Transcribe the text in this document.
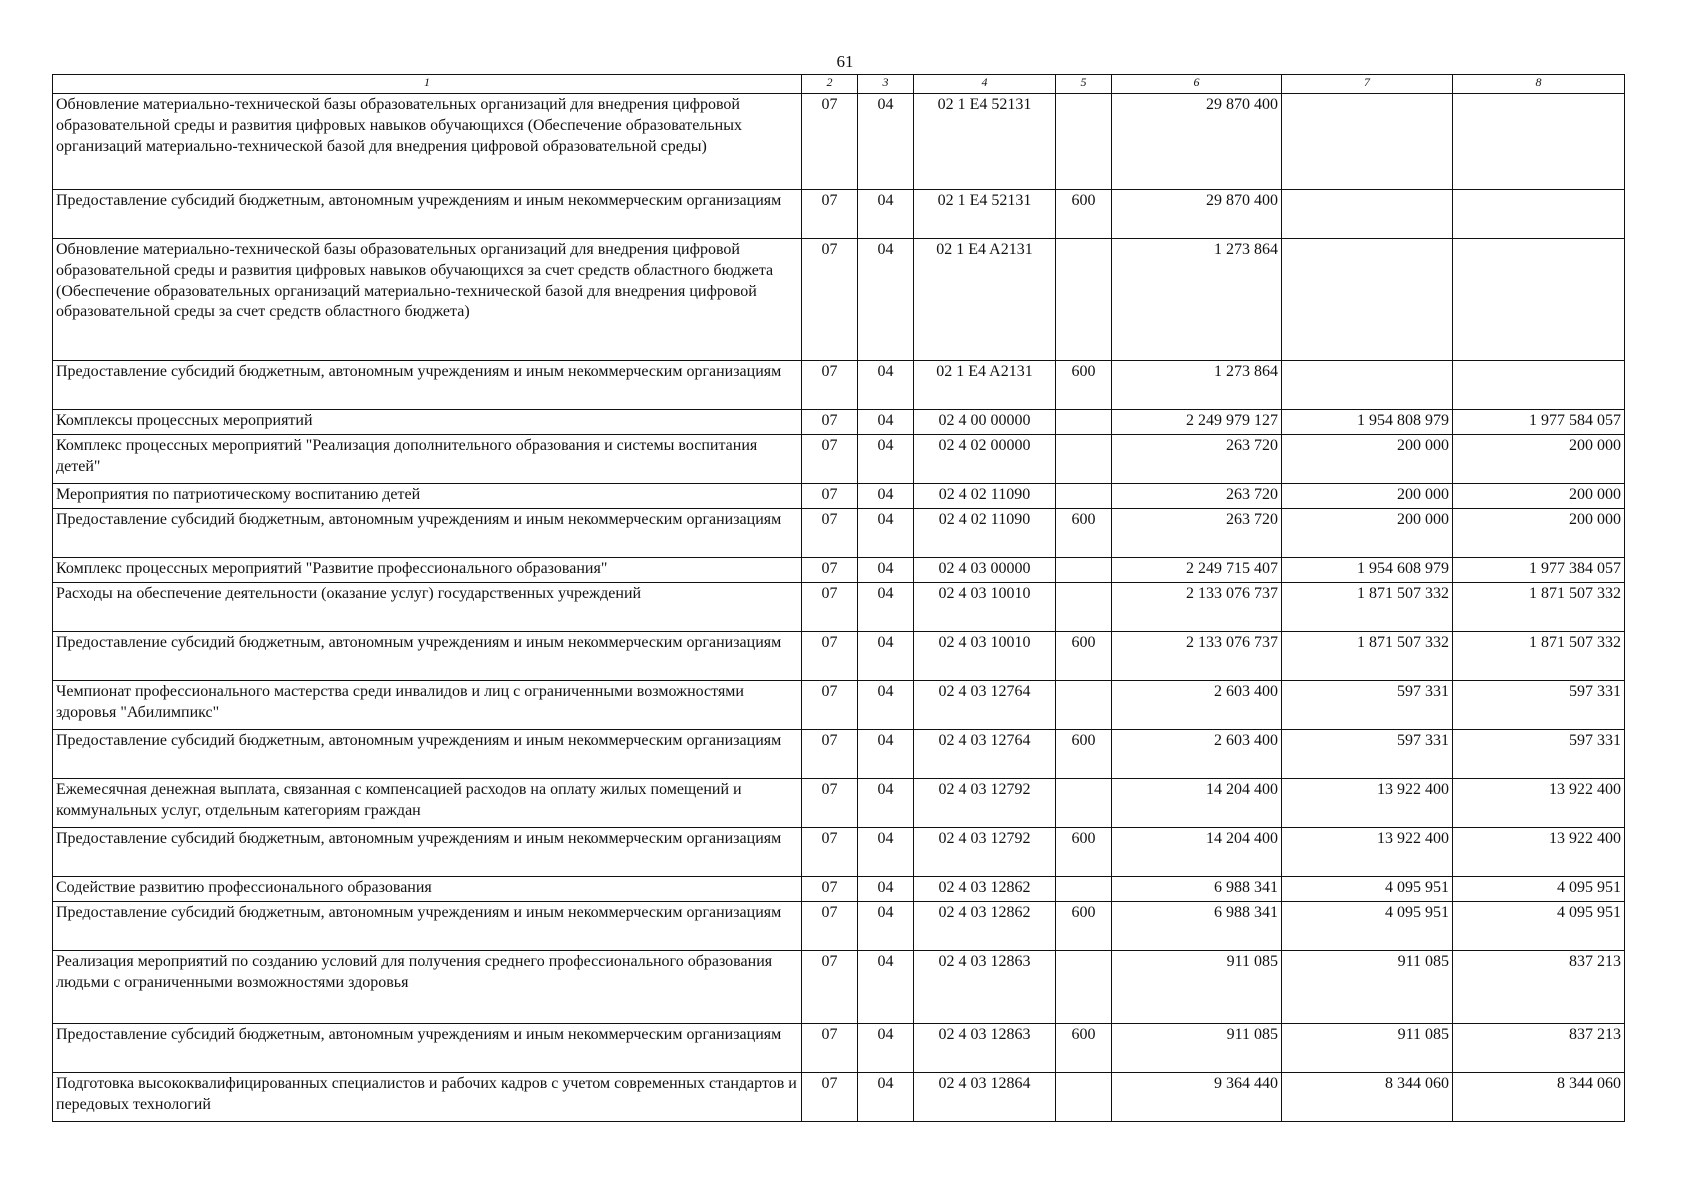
61
1	2	3	4	5	6	7	8
Обновление материально-технической базы образовательных организаций для внедрения цифровой образовательной среды и развития цифровых навыков обучающихся (Обеспечение образовательных организаций материально-технической базой для внедрения цифровой образовательной среды)	07	04	02 1 E4 52131		29 870 400		
Предоставление субсидий бюджетным, автономным учреждениям и иным некоммерческим организациям	07	04	02 1 E4 52131	600	29 870 400		
Обновление материально-технической базы образовательных организаций для внедрения цифровой образовательной среды и развития цифровых навыков обучающихся за счет средств областного бюджета (Обеспечение образовательных организаций материально-технической базой для внедрения цифровой образовательной среды за счет средств областного бюджета)	07	04	02 1 E4 A2131		1 273 864		
Предоставление субсидий бюджетным, автономным учреждениям и иным некоммерческим организациям	07	04	02 1 E4 A2131	600	1 273 864		
Комплексы процессных мероприятий	07	04	02 4 00 00000		2 249 979 127	1 954 808 979	1 977 584 057
Комплекс процессных мероприятий "Реализация дополнительного образования и системы воспитания детей"	07	04	02 4 02 00000		263 720	200 000	200 000
Мероприятия по патриотическому воспитанию детей	07	04	02 4 02 11090		263 720	200 000	200 000
Предоставление субсидий бюджетным, автономным учреждениям и иным некоммерческим организациям	07	04	02 4 02 11090	600	263 720	200 000	200 000
Комплекс процессных мероприятий "Развитие профессионального образования"	07	04	02 4 03 00000		2 249 715 407	1 954 608 979	1 977 384 057
Расходы на обеспечение деятельности (оказание услуг) государственных учреждений	07	04	02 4 03 10010		2 133 076 737	1 871 507 332	1 871 507 332
Предоставление субсидий бюджетным, автономным учреждениям и иным некоммерческим организациям	07	04	02 4 03 10010	600	2 133 076 737	1 871 507 332	1 871 507 332
Чемпионат профессионального мастерства среди инвалидов и лиц с ограниченными возможностями здоровья "Абилимпикс"	07	04	02 4 03 12764		2 603 400	597 331	597 331
Предоставление субсидий бюджетным, автономным учреждениям и иным некоммерческим организациям	07	04	02 4 03 12764	600	2 603 400	597 331	597 331
Ежемесячная денежная выплата, связанная с компенсацией расходов на оплату жилых помещений и коммунальных услуг, отдельным категориям граждан	07	04	02 4 03 12792		14 204 400	13 922 400	13 922 400
Предоставление субсидий бюджетным, автономным учреждениям и иным некоммерческим организациям	07	04	02 4 03 12792	600	14 204 400	13 922 400	13 922 400
Содействие развитию профессионального образования	07	04	02 4 03 12862		6 988 341	4 095 951	4 095 951
Предоставление субсидий бюджетным, автономным учреждениям и иным некоммерческим организациям	07	04	02 4 03 12862	600	6 988 341	4 095 951	4 095 951
Реализация мероприятий по созданию условий для получения среднего профессионального образования людьми с ограниченными возможностями здоровья	07	04	02 4 03 12863		911 085	911 085	837 213
Предоставление субсидий бюджетным, автономным учреждениям и иным некоммерческим организациям	07	04	02 4 03 12863	600	911 085	911 085	837 213
Подготовка высококвалифицированных специалистов и рабочих кадров с учетом современных стандартов и передовых технологий	07	04	02 4 03 12864		9 364 440	8 344 060	8 344 060
